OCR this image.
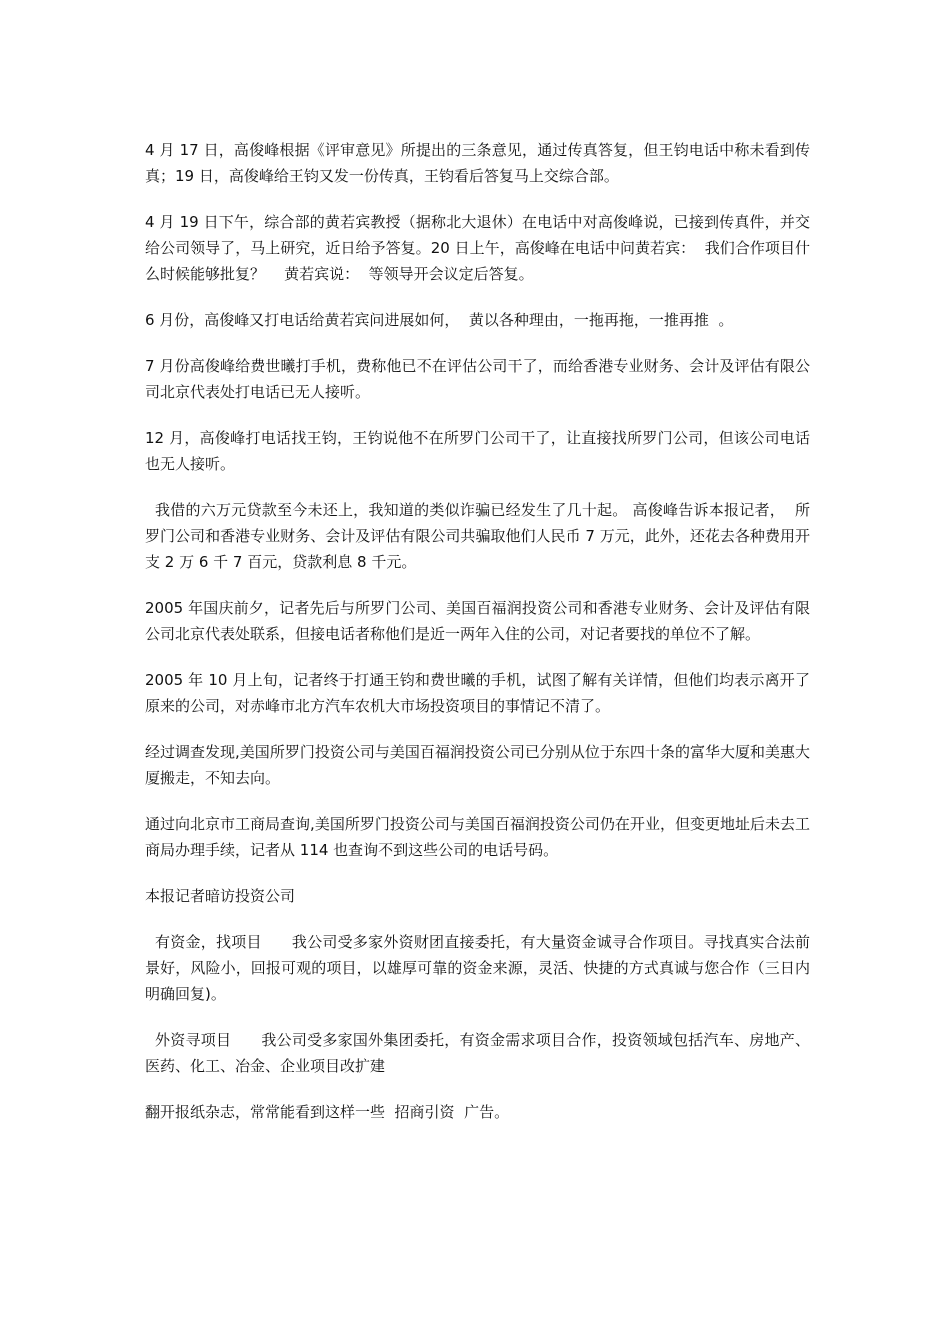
4 月 17 日，高俊峰根据《评审意见》所提出的三条意见，通过传真答复，但王钧电话中称未看到传真；19 日，高俊峰给王钧又发一份传真，王钧看后答复马上交综合部。

4 月 19 日下午，综合部的黄若宾教授（据称北大退休）在电话中对高俊峰说，已接到传真件，并交给公司领导了，马上研究，近日给予答复。20 日上午，高俊峰在电话中问黄若宾：  我们合作项目什么时候能够批复？    黄若宾说：  等领导开会议定后答复。

6 月份，高俊峰又打电话给黄若宾问进展如何，  黄以各种理由，一拖再拖，一推再推  。

7 月份高俊峰给费世曦打手机，费称他已不在评估公司干了，而给香港专业财务、会计及评估有限公司北京代表处打电话已无人接听。

12 月，高俊峰打电话找王钧，王钧说他不在所罗门公司干了，让直接找所罗门公司，但该公司电话也无人接听。

我借的六万元贷款至今未还上，我知道的类似诈骗已经发生了几十起。 高俊峰告诉本报记者，  所罗门公司和香港专业财务、会计及评估有限公司共骗取他们人民币 7 万元，此外，还花去各种费用开支 2 万 6 千 7 百元，贷款利息 8 千元。

2005 年国庆前夕，记者先后与所罗门公司、美国百福润投资公司和香港专业财务、会计及评估有限公司北京代表处联系，但接电话者称他们是近一两年入住的公司，对记者要找的单位不了解。

2005 年 10 月上旬，记者终于打通王钧和费世曦的手机，试图了解有关详情，但他们均表示离开了原来的公司，对赤峰市北方汽车农机大市场投资项目的事情记不清了。

经过调查发现,美国所罗门投资公司与美国百福润投资公司已分别从位于东四十条的富华大厦和美惠大厦搬走，不知去向。

通过向北京市工商局查询,美国所罗门投资公司与美国百福润投资公司仍在开业，但变更地址后未去工商局办理手续，记者从 114 也查询不到这些公司的电话号码。

本报记者暗访投资公司

有资金，找项目      我公司受多家外资财团直接委托，有大量资金诚寻合作项目。寻找真实合法前景好，风险小，回报可观的项目，以雄厚可靠的资金来源，灵活、快捷的方式真诚与您合作（三日内明确回复)。

外资寻项目      我公司受多家国外集团委托，有资金需求项目合作，投资领域包括汽车、房地产、医药、化工、冶金、企业项目改扩建

翻开报纸杂志，常常能看到这样一些  招商引资  广告。
